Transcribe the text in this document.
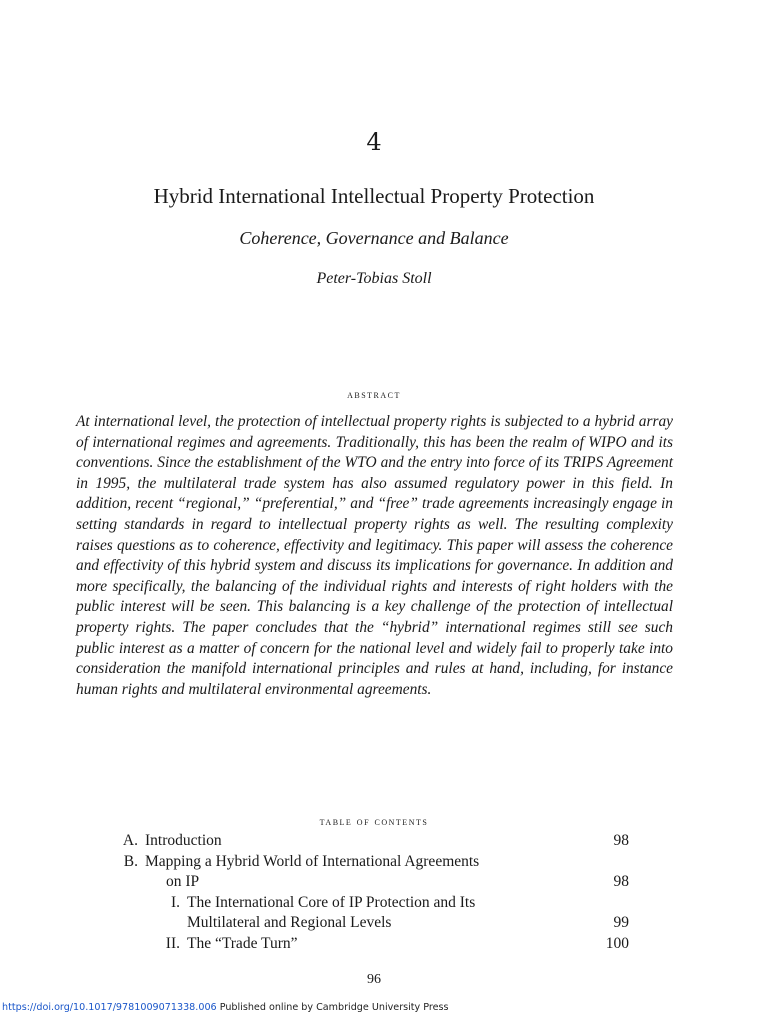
4
Hybrid International Intellectual Property Protection
Coherence, Governance and Balance
Peter-Tobias Stoll
abstract

At international level, the protection of intellectual property rights is subjected to a hybrid array of international regimes and agreements. Traditionally, this has been the realm of WIPO and its conventions. Since the establishment of the WTO and the entry into force of its TRIPS Agreement in 1995, the multilateral trade system has also assumed regulatory power in this field. In addition, recent “regional,” “preferential,” and “free” trade agreements increasingly engage in setting standards in regard to intellectual property rights as well. The resulting complexity raises questions as to coherence, effectivity and legitimacy. This paper will assess the coherence and effectivity of this hybrid system and discuss its implications for governance. In addition and more specifically, the balancing of the individual rights and interests of right holders with the public interest will be seen. This balancing is a key challenge of the protection of intellectual property rights. The paper concludes that the “hybrid” international regimes still see such public interest as a matter of concern for the national level and widely fail to properly take into consideration the manifold international principles and rules at hand, including, for instance human rights and multilateral environmental agreements.

table of contents
A. Introduction	98
B. Mapping a Hybrid World of International Agreements
on IP	98
I. The International Core of IP Protection and Its
Multilateral and Regional Levels	99
II. The “Trade Turn”	100
96
https://doi.org/10.1017/9781009071338.006 Published online by Cambridge University Press
